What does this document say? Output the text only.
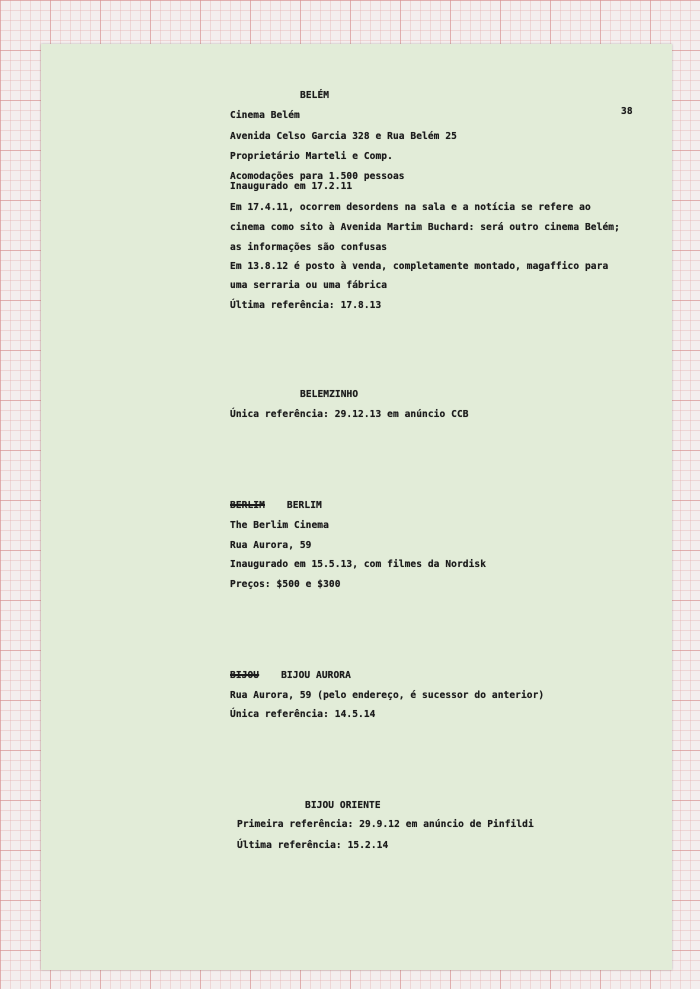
38
BELÉM
Cinema Belém
Avenida Celso Garcia 328 e Rua Belém 25
Proprietário Marteli e Comp.
Acomodações para 1.500 pessoas
Inaugurado em 17.2.11
Em 17.4.11, ocorrem desordens na sala e a notícia se refere ao
cinema como sito à Avenida Martim Buchard: será outro cinema Belém;
as informações são confusas
Em 13.8.12 é posto à venda, completamente montado, magaffico para
uma serraria ou uma fábrica
Última referência: 17.8.13
BELEMZINHO
Única referência: 29.12.13 em anúncio CCB
BERLIM BERLIM
The Berlim Cinema
Rua Aurora, 59
Inaugurado em 15.5.13, com filmes da Nordisk
Preços: $500 e $300
BIJOU BIJOU AURORA
Rua Aurora, 59 (pelo endereço, é sucessor do anterior)
Única referência: 14.5.14
BIJOU ORIENTE
Primeira referência: 29.9.12 em anúncio de Pinfildi
Última referência: 15.2.14
